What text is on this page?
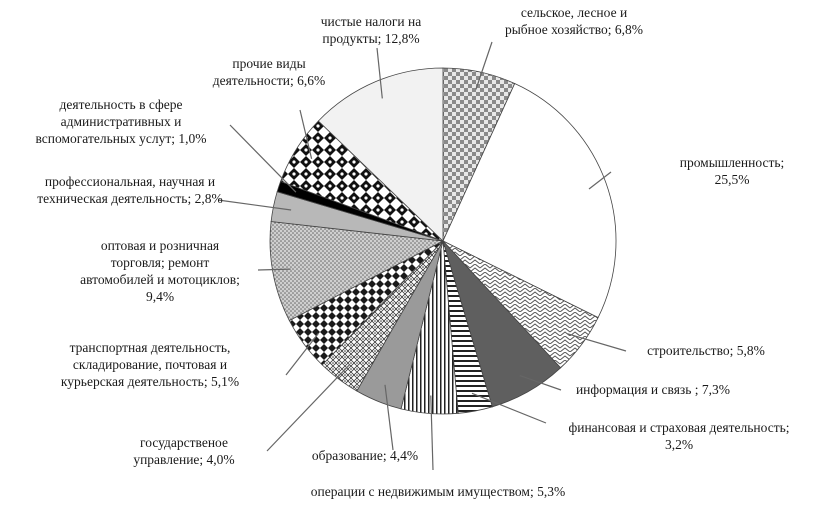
сельское, лесное и рыбное хозяйство; 6,8%
промышленность; 25,5%
строительство; 5,8%
информация и связь ; 7,3%
финансовая и страховая деятельность; 3,2%
операции с недвижимым имуществом; 5,3%
образование; 4,4%
государственое управление; 4,0%
транспортная деятельность, складирование, почтовая и курьерская деятельность; 5,1%
оптовая и розничная торговля; ремонт автомобилей и мотоциклов; 9,4%
профессиональная, научная и техническая деятельность; 2,8%
деятельность в сфере административных и вспомогательных услут; 1,0%
прочие виды деятельности; 6,6%
чистые налоги на продукты; 12,8%
